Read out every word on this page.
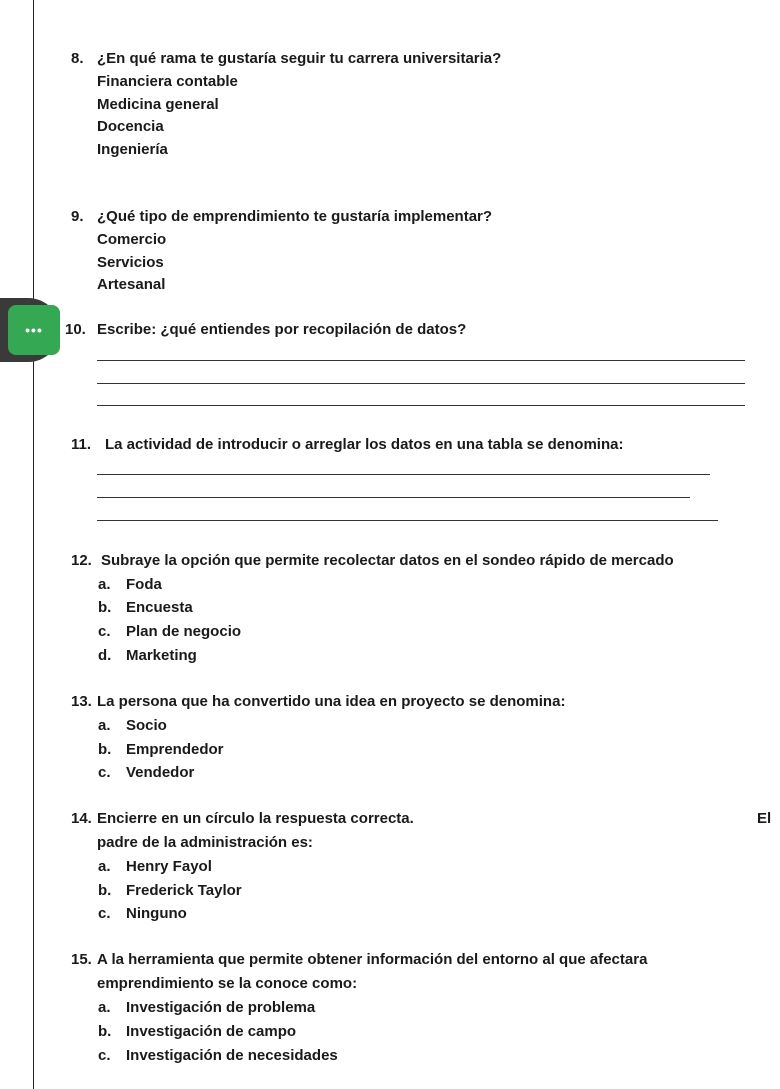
8. ¿En qué rama te gustaría seguir tu carrera universitaria?
Financiera contable
Medicina general
Docencia
Ingeniería
9. ¿Qué tipo de emprendimiento te gustaría implementar?
Comercio
Servicios
Artesanal
••• 10. Escribe: ¿qué entiendes por recopilación de datos?
11. La actividad de introducir o arreglar los datos en una tabla se denomina:
12. Subraye la opción que permite recolectar datos en el sondeo rápido de mercado
a. Foda
b. Encuesta
c. Plan de negocio
d. Marketing
13. La persona que ha convertido una idea en proyecto se denomina:
a. Socio
b. Emprendedor
c. Vendedor
14. Encierre en un círculo la respuesta correcta.	El
padre de la administración es:
a. Henry Fayol
b. Frederick Taylor
c. Ninguno
15. A la herramienta que permite obtener información del entorno al que afectara
emprendimiento se la conoce como:
a. Investigación de problema
b. Investigación de campo
c. Investigación de necesidades
